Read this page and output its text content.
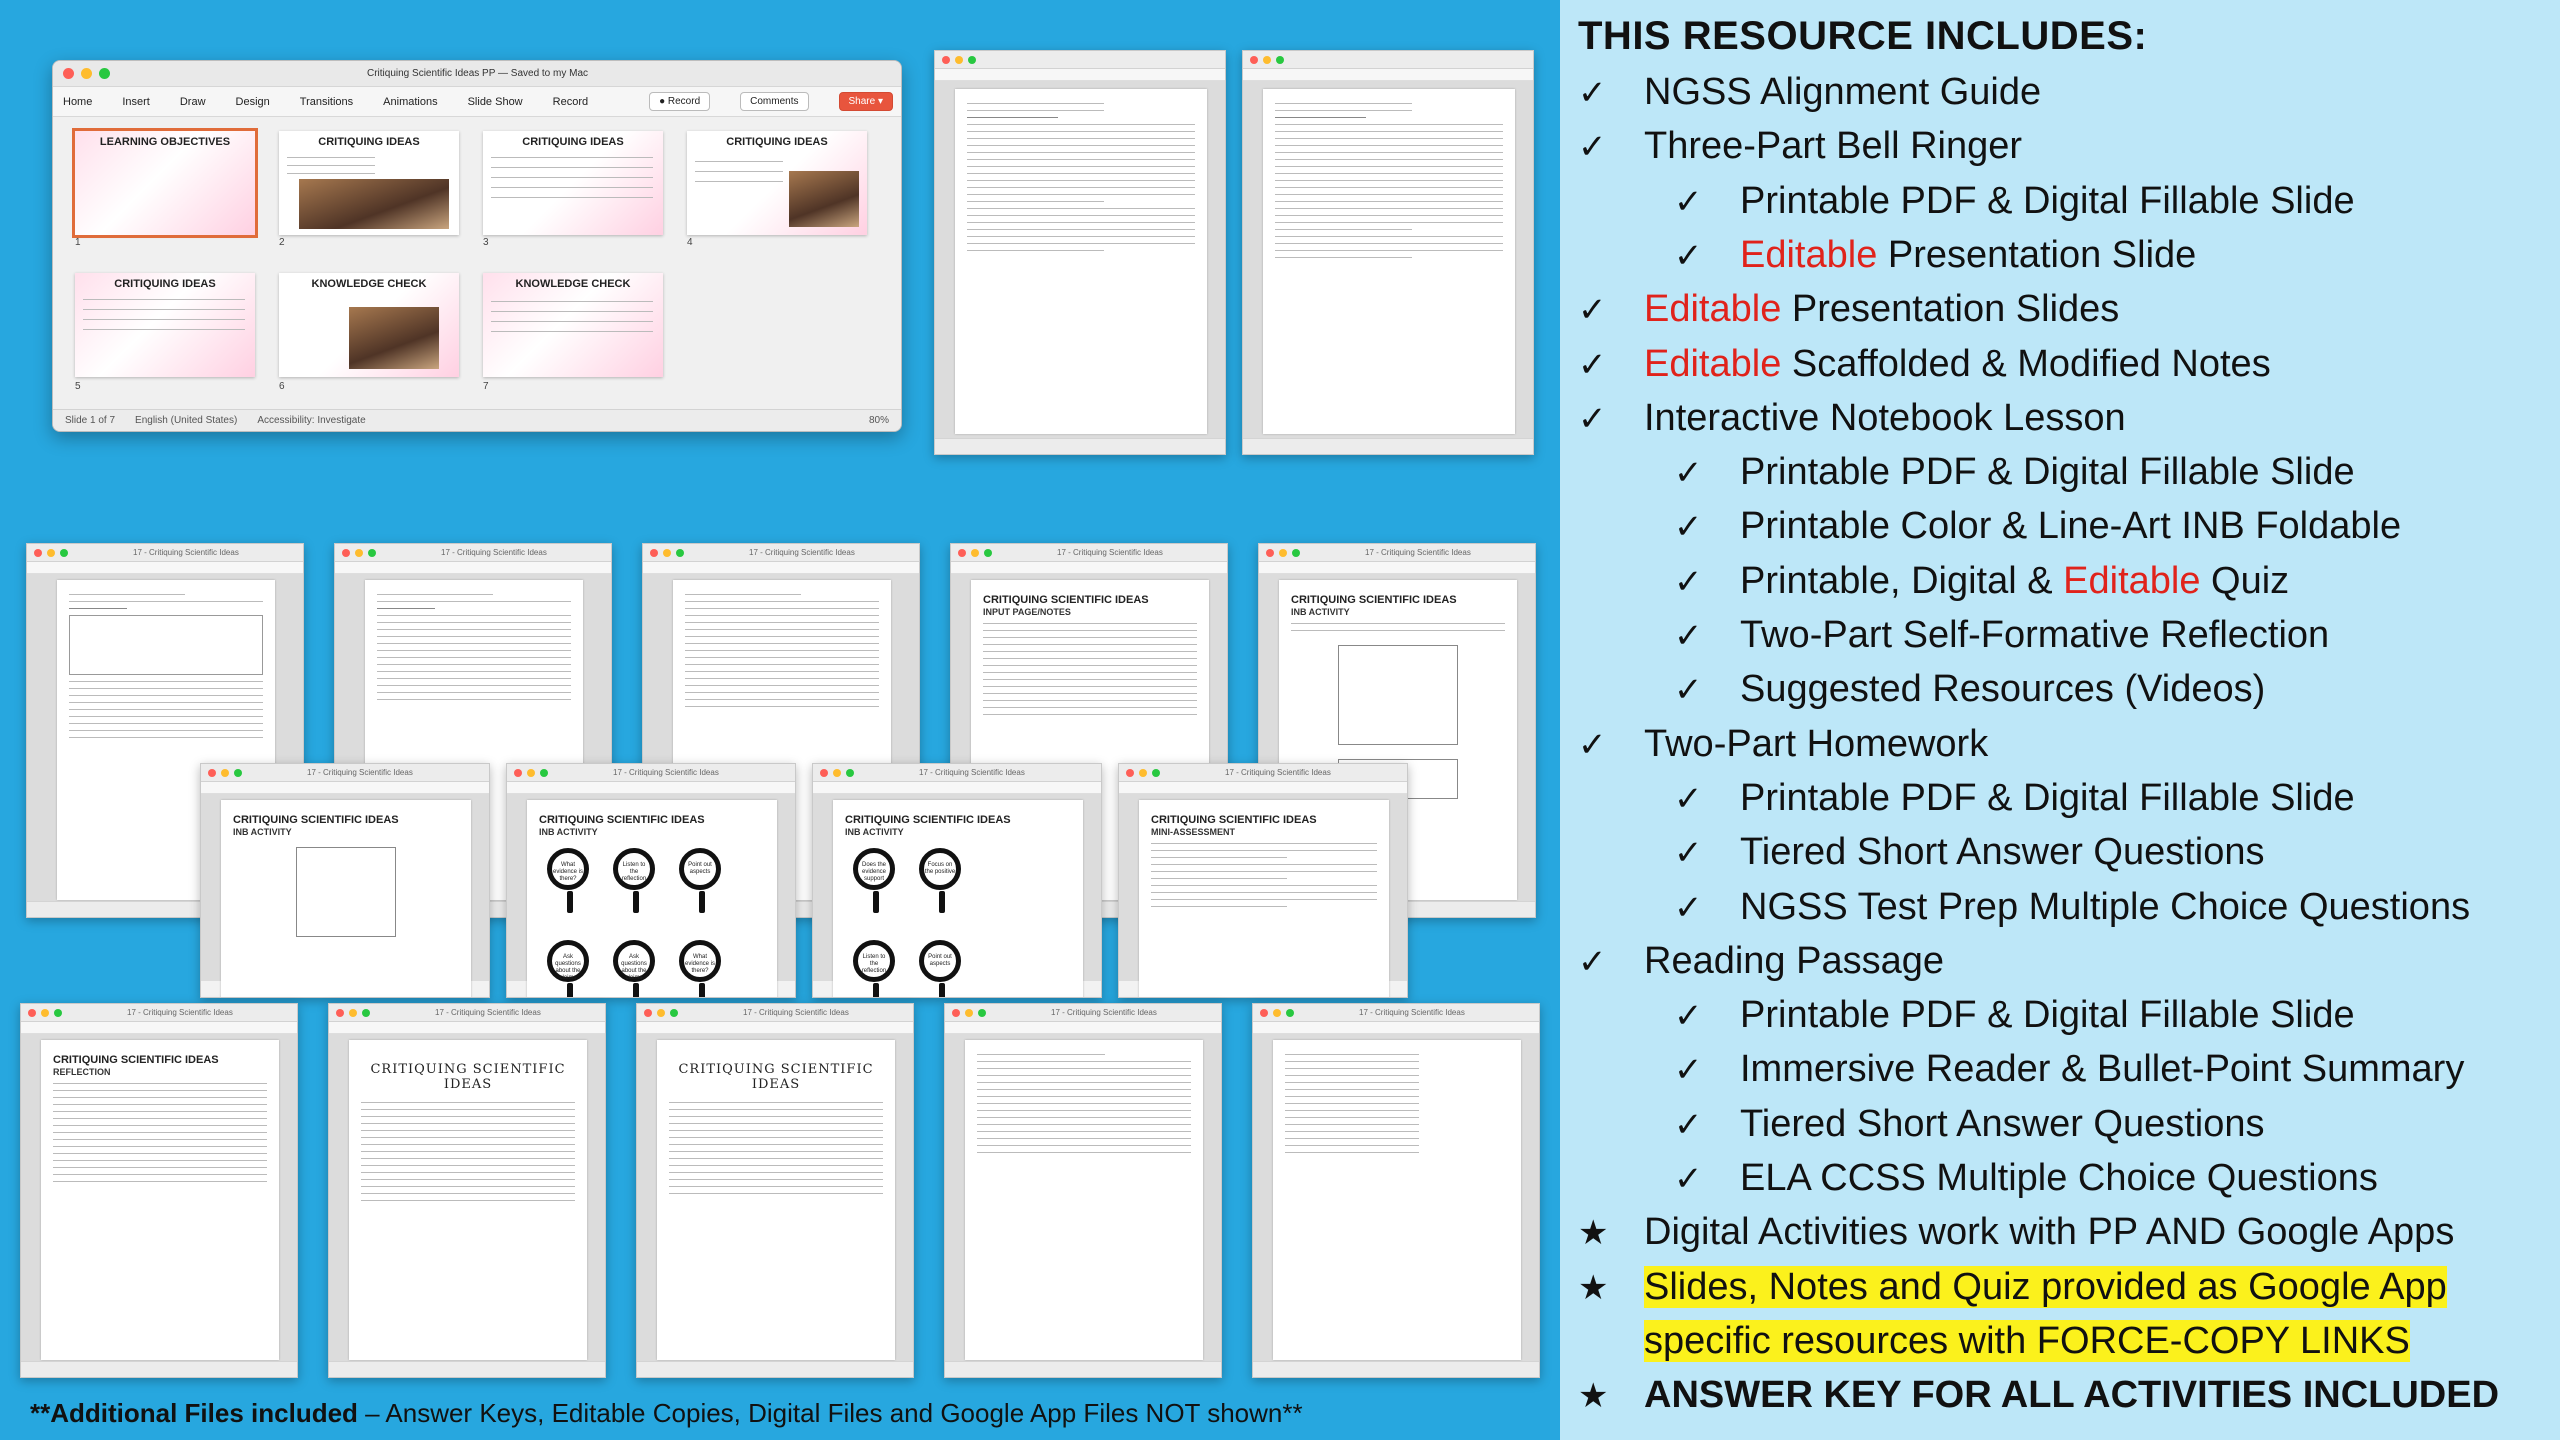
Critiquing Scientific Ideas PP — Saved to my Mac
Home	Insert	Draw	Design	Transitions	Animations	Slide Show	Record	● Record	Comments	Share ▾
LEARNING OBJECTIVES
1
CRITIQUING IDEAS
2
CRITIQUING IDEAS
3
CRITIQUING IDEAS
4
CRITIQUING IDEAS
5
KNOWLEDGE CHECK
6
KNOWLEDGE CHECK
7
Slide 1 of 7 English (United States) Accessibility: Investigate	80%
17 - Critiquing Scientific Ideas	17 - Critiquing Scientific Ideas	17 - Critiquing Scientific Ideas	17 - Critiquing Scientific Ideas
CRITIQUING SCIENTIFIC IDEAS
INPUT PAGE/NOTES
17 - Critiquing Scientific Ideas
CRITIQUING SCIENTIFIC IDEAS
INB ACTIVITY
17 - Critiquing Scientific Ideas
CRITIQUING SCIENTIFIC IDEAS
INB ACTIVITY
17 - Critiquing Scientific Ideas
CRITIQUING SCIENTIFIC IDEAS
INB ACTIVITY
What evidence is there?
Listen to the reflection
Point out aspects
Ask questions about the claims
Ask questions about the claims
What evidence is there?
17 - Critiquing Scientific Ideas
CRITIQUING SCIENTIFIC IDEAS
INB ACTIVITY
Does the evidence support
Focus on the positive
Listen to the reflection
Point out aspects
17 - Critiquing Scientific Ideas
CRITIQUING SCIENTIFIC IDEAS
MINI-ASSESSMENT
17 - Critiquing Scientific Ideas
CRITIQUING SCIENTIFIC IDEAS
REFLECTION
17 - Critiquing Scientific Ideas
CRITIQUING SCIENTIFIC IDEAS
17 - Critiquing Scientific Ideas
CRITIQUING SCIENTIFIC IDEAS
17 - Critiquing Scientific Ideas	17 - Critiquing Scientific Ideas
**Additional Files included – Answer Keys, Editable Copies, Digital Files and Google App Files NOT shown**
THIS RESOURCE INCLUDES:
✓ NGSS Alignment Guide
✓ Three-Part Bell Ringer
✓ Printable PDF & Digital Fillable Slide
✓ Editable Presentation Slide
✓ Editable Presentation Slides
✓ Editable Scaffolded & Modified Notes
✓ Interactive Notebook Lesson
✓ Printable PDF & Digital Fillable Slide
✓ Printable Color & Line-Art INB Foldable
✓ Printable, Digital & Editable Quiz
✓ Two-Part Self-Formative Reflection
✓ Suggested Resources (Videos)
✓ Two-Part Homework
✓ Printable PDF & Digital Fillable Slide
✓ Tiered Short Answer Questions
✓ NGSS Test Prep Multiple Choice Questions
✓ Reading Passage
✓ Printable PDF & Digital Fillable Slide
✓ Immersive Reader & Bullet-Point Summary
✓ Tiered Short Answer Questions
✓ ELA CCSS Multiple Choice Questions
★ Digital Activities work with PP AND Google Apps
★ Slides, Notes and Quiz provided as Google App
specific resources with FORCE-COPY LINKS
★ ANSWER KEY FOR ALL ACTIVITIES INCLUDED
